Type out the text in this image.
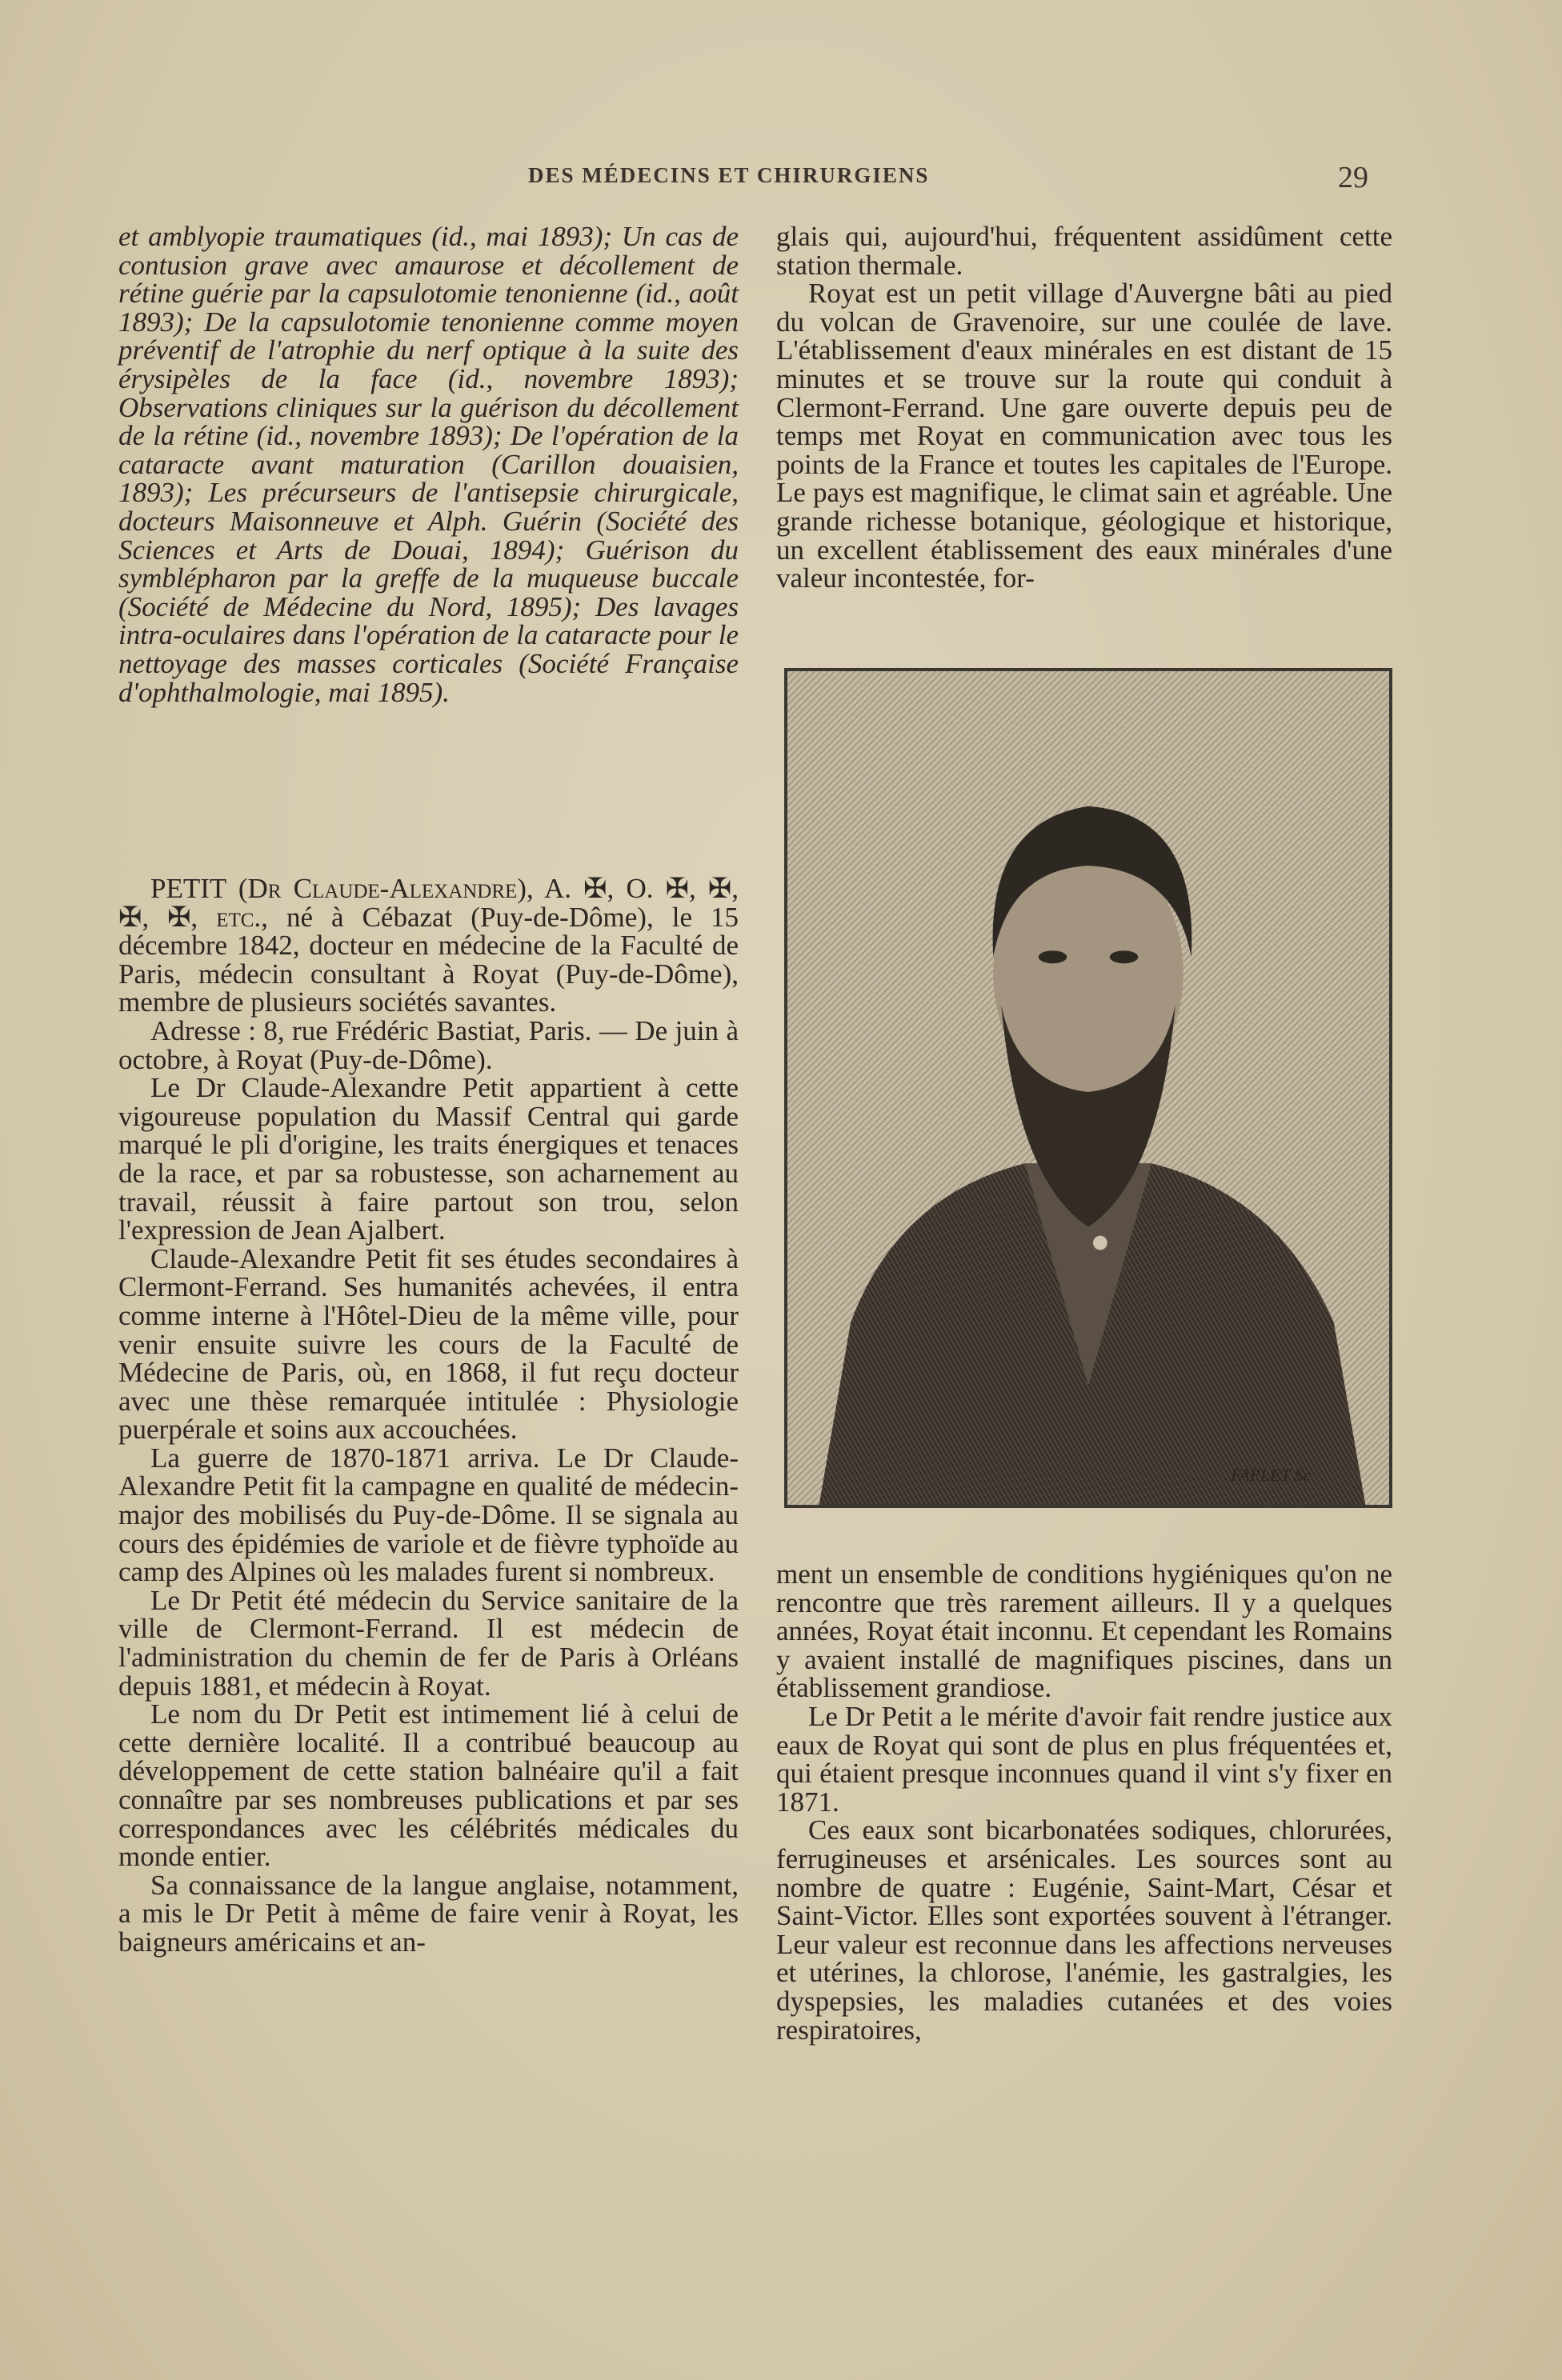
DES MÉDECINS ET CHIRURGIENS	29

et amblyopie traumatiques (id., mai 1893); Un cas de contusion grave avec amaurose et décollement de rétine guérie par la capsulotomie tenonienne (id., août 1893); De la capsulotomie tenonienne comme moyen préventif de l'atrophie du nerf optique à la suite des érysipèles de la face (id., novembre 1893); Observations cliniques sur la guérison du décollement de la rétine (id., novembre 1893); De l'opération de la cataracte avant maturation (Carillon douaisien, 1893); Les précurseurs de l'antisepsie chirurgicale, docteurs Maisonneuve et Alph. Guérin (Société des Sciences et Arts de Douai, 1894); Guérison du symblépharon par la greffe de la muqueuse buccale (Société de Médecine du Nord, 1895); Des lavages intra-oculaires dans l'opération de la cataracte pour le nettoyage des masses corticales (Société Française d'ophthalmologie, mai 1895).

PETIT (Dr Claude-Alexandre), A. ✠, O. ✠, ✠, ✠, ✠, etc., né à Cébazat (Puy-de-Dôme), le 15 décembre 1842, docteur en médecine de la Faculté de Paris, médecin consultant à Royat (Puy-de-Dôme), membre de plusieurs sociétés savantes.

Adresse : 8, rue Frédéric Bastiat, Paris. — De juin à octobre, à Royat (Puy-de-Dôme).

Le Dr Claude-Alexandre Petit appartient à cette vigoureuse population du Massif Central qui garde marqué le pli d'origine, les traits énergiques et tenaces de la race, et par sa robustesse, son acharnement au travail, réussit à faire partout son trou, selon l'expression de Jean Ajalbert.

Claude-Alexandre Petit fit ses études secondaires à Clermont-Ferrand. Ses humanités achevées, il entra comme interne à l'Hôtel-Dieu de la même ville, pour venir ensuite suivre les cours de la Faculté de Médecine de Paris, où, en 1868, il fut reçu docteur avec une thèse remarquée intitulée : Physiologie puerpérale et soins aux accouchées.

La guerre de 1870-1871 arriva. Le Dr Claude-Alexandre Petit fit la campagne en qualité de médecin-major des mobilisés du Puy-de-Dôme. Il se signala au cours des épidémies de variole et de fièvre typhoïde au camp des Alpines où les malades furent si nombreux.

Le Dr Petit été médecin du Service sanitaire de la ville de Clermont-Ferrand. Il est médecin de l'administration du chemin de fer de Paris à Orléans depuis 1881, et médecin à Royat.

Le nom du Dr Petit est intimement lié à celui de cette dernière localité. Il a contribué beaucoup au développement de cette station balnéaire qu'il a fait connaître par ses nombreuses publications et par ses correspondances avec les célébrités médicales du monde entier.

Sa connaissance de la langue anglaise, notamment, a mis le Dr Petit à même de faire venir à Royat, les baigneurs américains et an-

glais qui, aujourd'hui, fréquentent assidûment cette station thermale.

Royat est un petit village d'Auvergne bâti au pied du volcan de Gravenoire, sur une coulée de lave. L'établissement d'eaux minérales en est distant de 15 minutes et se trouve sur la route qui conduit à Clermont-Ferrand. Une gare ouverte depuis peu de temps met Royat en communication avec tous les points de la France et toutes les capitales de l'Europe. Le pays est magnifique, le climat sain et agréable. Une grande richesse botanique, géologique et historique, un excellent établissement des eaux minérales d'une valeur incontestée, for-

FARLET Sc

ment un ensemble de conditions hygiéniques qu'on ne rencontre que très rarement ailleurs. Il y a quelques années, Royat était inconnu. Et cependant les Romains y avaient installé de magnifiques piscines, dans un établissement grandiose.

Le Dr Petit a le mérite d'avoir fait rendre justice aux eaux de Royat qui sont de plus en plus fréquentées et, qui étaient presque inconnues quand il vint s'y fixer en 1871.

Ces eaux sont bicarbonatées sodiques, chlorurées, ferrugineuses et arsénicales. Les sources sont au nombre de quatre : Eugénie, Saint-Mart, César et Saint-Victor. Elles sont exportées souvent à l'étranger. Leur valeur est reconnue dans les affections nerveuses et utérines, la chlorose, l'anémie, les gastralgies, les dyspepsies, les maladies cutanées et des voies respiratoires,
